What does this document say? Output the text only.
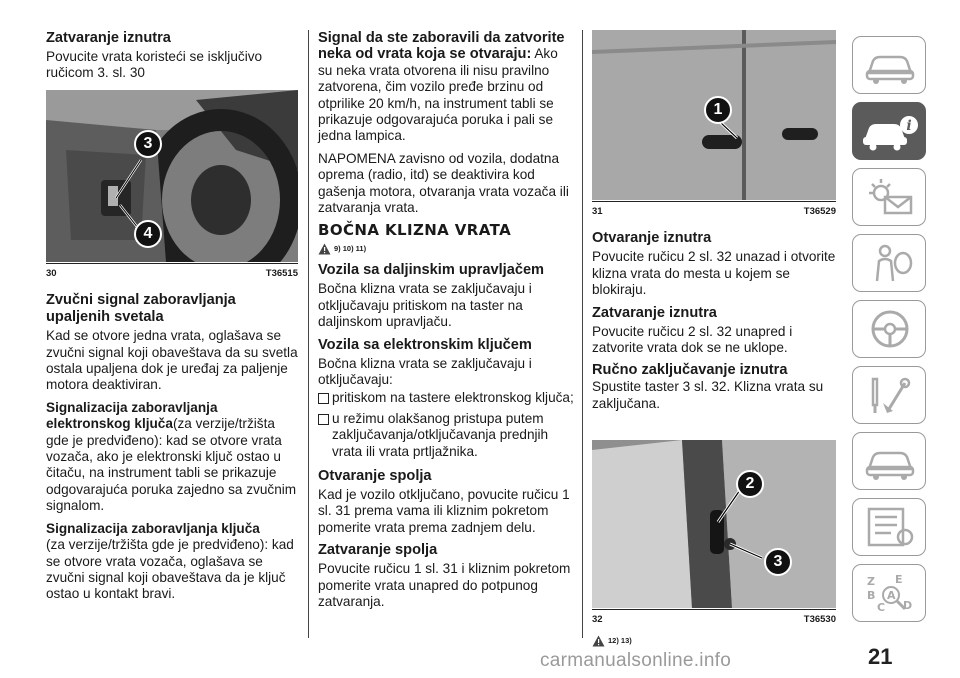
Zatvaranje iznutra

Povucite vrata koristeći se isključivo ručicom 3. sl. 30

3
4
30	T36515
Zvučni signal zaboravljanja upaljenih svetala

Kad se otvore jedna vrata, oglašava se zvučni signal koji obaveštava da su svetla ostala upaljena dok je uređaj za paljenje motora deaktiviran.

Signalizacija zaboravljanja elektronskog ključa(za verzije/tržišta gde je predviđeno): kad se otvore vrata vozača, ako je elektronski ključ ostao u čitaču, na instrument tabli se prikazuje odgovarajuća poruka zajedno sa zvučnim signalom.

Signalizacija zaboravljanja ključa
(za verzije/tržišta gde je predviđeno): kad se otvore vrata vozača, oglašava se zvučni signal koji obaveštava da je ključ ostao u kontakt bravi.

Signal da ste zaboravili da zatvorite neka od vrata koja se otvaraju: Ako su neka vrata otvorena ili nisu pravilno zatvorena, čim vozilo pređe brzinu od otprilike 20 km/h, na instrument tabli se prikazuje odgovarajuća poruka i pali se jedna lampica.

NAPOMENA zavisno od vozila, dodatna oprema (radio, itd) se deaktivira kod gašenja motora, otvaranja vrata vozača ili zatvaranja vrata.

BOČNA KLIZNA VRATA
9) 10) 11)
Vozila sa daljinskim upravljačem

Bočna klizna vrata se zaključavaju i otključavaju pritiskom na taster na daljinskom upravljaču.

Vozila sa elektronskim ključem

Bočna klizna vrata se zaključavaju i otključavaju:

pritiskom na tastere elektronskog ključa;
u režimu olakšanog pristupa putem zaključavanja/otključavanja prednjih vrata ili vrata prtljažnika.
Otvaranje spolja

Kad je vozilo otključano, povucite ručicu 1 sl. 31 prema vama ili kliznim pokretom pomerite vrata prema zadnjem delu.

Zatvaranje spolja

Povucite ručicu 1 sl. 31 i kliznim pokretom pomerite vrata unapred do potpunog zatvaranja.

1
31	T36529
Otvaranje iznutra

Povucite ručicu 2 sl. 32 unazad i otvorite klizna vrata do mesta u kojem se blokiraju.

Zatvaranje iznutra

Povucite ručicu 2 sl. 32 unapred i zatvorite vrata dok se ne uklope.

Ručno zaključavanje iznutra

Spustite taster 3 sl. 32. Klizna vrata su zaključana.

2
3
32	T36530
12) 13)
i
Z E
A
B
C D
carmanualsonline.info	21
